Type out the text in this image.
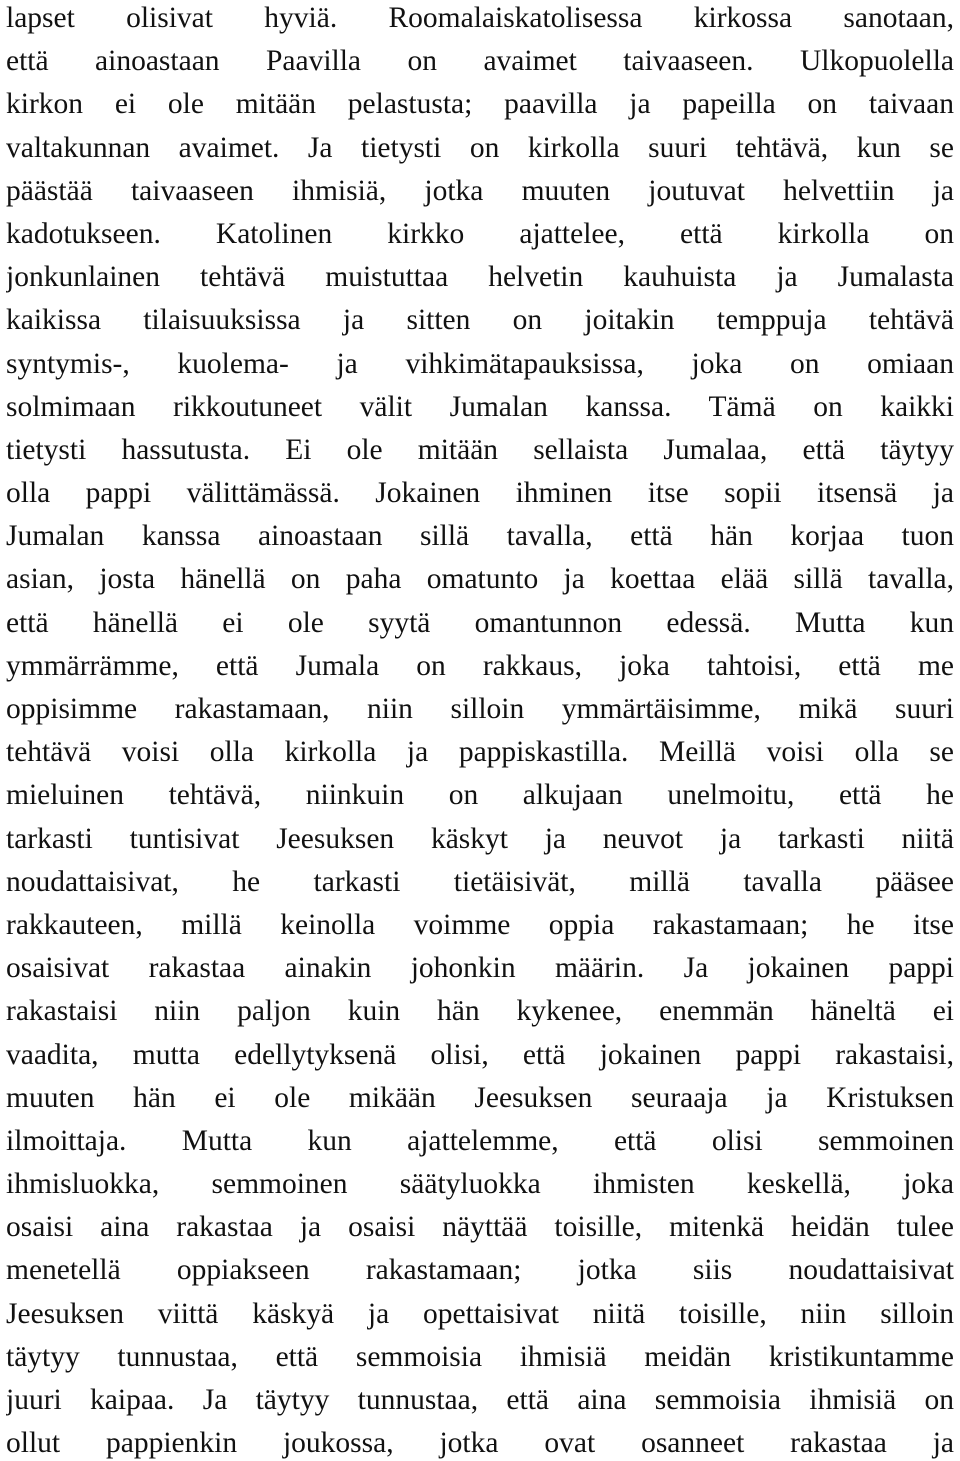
lapset olisivat hyviä. Roomalaiskatolisessa kirkossa sanotaan,
että ainoastaan Paavilla on avaimet taivaaseen. Ulkopuolella
kirkon ei ole mitään pelastusta; paavilla ja papeilla on taivaan
valtakunnan avaimet. Ja tietysti on kirkolla suuri tehtävä, kun se
päästää taivaaseen ihmisiä, jotka muuten joutuvat helvettiin ja
kadotukseen. Katolinen kirkko ajattelee, että kirkolla on
jonkunlainen tehtävä muistuttaa helvetin kauhuista ja Jumalasta
kaikissa tilaisuuksissa ja sitten on joitakin temppuja tehtävä
syntymis-, kuolema- ja vihkimätapauksissa, joka on omiaan
solmimaan rikkoutuneet välit Jumalan kanssa. Tämä on kaikki
tietysti hassutusta. Ei ole mitään sellaista Jumalaa, että täytyy
olla pappi välittämässä. Jokainen ihminen itse sopii itsensä ja
Jumalan kanssa ainoastaan sillä tavalla, että hän korjaa tuon
asian, josta hänellä on paha omatunto ja koettaa elää sillä tavalla,
että hänellä ei ole syytä omantunnon edessä. Mutta kun
ymmärrämme, että Jumala on rakkaus, joka tahtoisi, että me
oppisimme rakastamaan, niin silloin ymmärtäisimme, mikä suuri
tehtävä voisi olla kirkolla ja pappiskastilla. Meillä voisi olla se
mieluinen tehtävä, niinkuin on alkujaan unelmoitu, että he
tarkasti tuntisivat Jeesuksen käskyt ja neuvot ja tarkasti niitä
noudattaisivat, he tarkasti tietäisivät, millä tavalla pääsee
rakkauteen, millä keinolla voimme oppia rakastamaan; he itse
osaisivat rakastaa ainakin johonkin määrin. Ja jokainen pappi
rakastaisi niin paljon kuin hän kykenee, enemmän häneltä ei
vaadita, mutta edellytyksenä olisi, että jokainen pappi rakastaisi,
muuten hän ei ole mikään Jeesuksen seuraaja ja Kristuksen
ilmoittaja. Mutta kun ajattelemme, että olisi semmoinen
ihmisluokka, semmoinen säätyluokka ihmisten keskellä, joka
osaisi aina rakastaa ja osaisi näyttää toisille, mitenkä heidän tulee
menetellä oppiakseen rakastamaan; jotka siis noudattaisivat
Jeesuksen viittä käskyä ja opettaisivat niitä toisille, niin silloin
täytyy tunnustaa, että semmoisia ihmisiä meidän kristikuntamme
juuri kaipaa. Ja täytyy tunnustaa, että aina semmoisia ihmisiä on
ollut pappienkin joukossa, jotka ovat osanneet rakastaa ja
